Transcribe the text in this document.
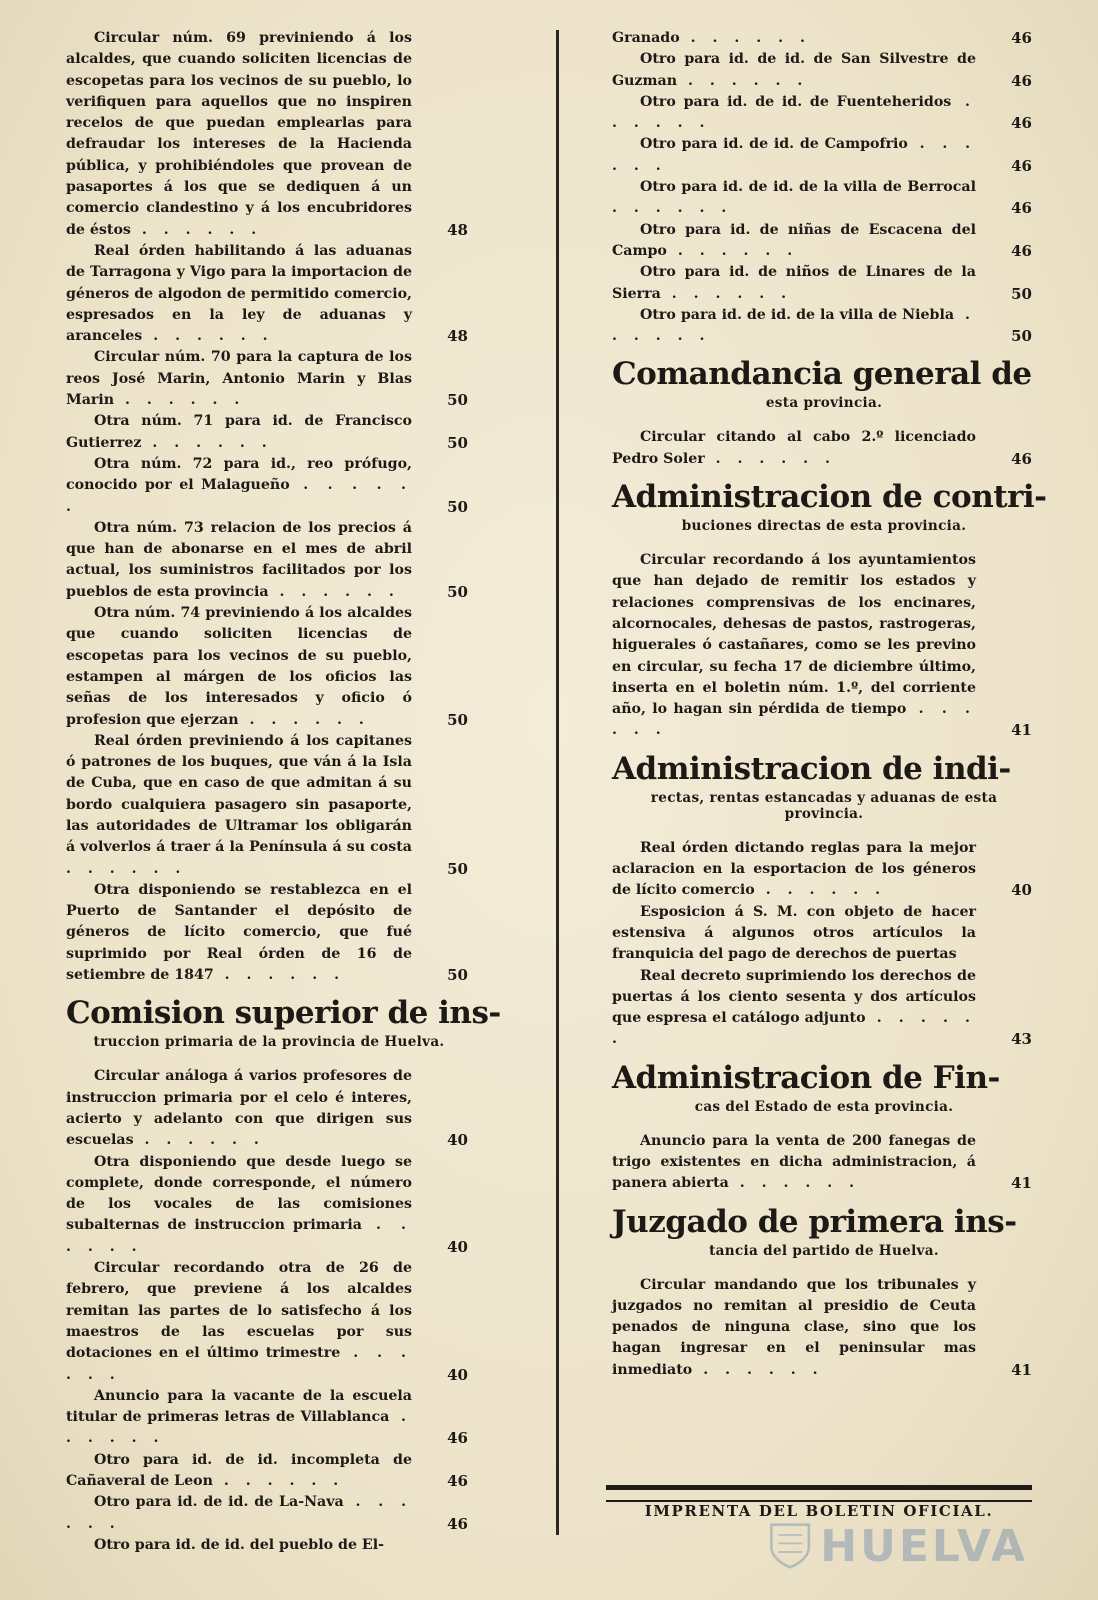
Circular núm. 69 previniendo á los alcaldes, que cuando soliciten licencias de escopetas para los vecinos de su pueblo, lo verifiquen para aquellos que no inspiren recelos de que puedan emplearlas para defraudar los intereses de la Hacienda pública, y prohibiéndoles que provean de pasaportes á los que se dediquen á un comercio clandestino y á los encubridores de éstos . . . . . .	48
Real órden habilitando á las aduanas de Tarragona y Vigo para la importacion de géneros de algodon de permitido comercio, espresados en la ley de aduanas y aranceles . . . . . .	48
Circular núm. 70 para la captura de los reos José Marin, Antonio Marin y Blas Marin . . . . . .	50
Otra núm. 71 para id. de Francisco Gutierrez . . . . . .	50
Otra núm. 72 para id., reo prófugo, conocido por el Malagueño . . . . . .	50
Otra núm. 73 relacion de los precios á que han de abonarse en el mes de abril actual, los suministros facilitados por los pueblos de esta provincia . . . . . .	50
Otra núm. 74 previniendo á los alcaldes que cuando soliciten licencias de escopetas para los vecinos de su pueblo, estampen al márgen de los oficios las señas de los interesados y oficio ó profesion que ejerzan . . . . . .	50
Real órden previniendo á los capitanes ó patrones de los buques, que ván á la Isla de Cuba, que en caso de que admitan á su bordo cualquiera pasagero sin pasaporte, las autoridades de Ultramar los obligarán á volverlos á traer á la Península á su costa . . . . . .	50
Otra disponiendo se restablezca en el Puerto de Santander el depósito de géneros de lícito comercio, que fué suprimido por Real órden de 16 de setiembre de 1847 . . . . . .	50
Comision superior de ins-
truccion primaria de la provincia de Huelva.
Circular análoga á varios profesores de instruccion primaria por el celo é interes, acierto y adelanto con que dirigen sus escuelas . . . . . .	40
Otra disponiendo que desde luego se complete, donde corresponde, el número de los vocales de las comisiones subalternas de instruccion primaria . . . . . .	40
Circular recordando otra de 26 de febrero, que previene á los alcaldes remitan las partes de lo satisfecho á los maestros de las escuelas por sus dotaciones en el último trimestre . . . . . .	40
Anuncio para la vacante de la escuela titular de primeras letras de Villablanca . . . . . .	46
Otro para id. de id. incompleta de Cañaveral de Leon . . . . . .	46
Otro para id. de id. de La-Nava . . . . . .	46
Otro para id. de id. del pueblo de El-
Granado . . . . . .	46
Otro para id. de id. de San Silvestre de Guzman . . . . . .	46
Otro para id. de id. de Fuenteheridos . . . . . .	46
Otro para id. de id. de Campofrio . . . . . .	46
Otro para id. de id. de la villa de Berrocal . . . . . .	46
Otro para id. de niñas de Escacena del Campo . . . . . .	46
Otro para id. de niños de Linares de la Sierra . . . . . .	50
Otro para id. de id. de la villa de Niebla . . . . . .	50
Comandancia general de
esta provincia.
Circular citando al cabo 2.º licenciado Pedro Soler . . . . . .	46
Administracion de contri-
buciones directas de esta provincia.
Circular recordando á los ayuntamientos que han dejado de remitir los estados y relaciones comprensivas de los encinares, alcornocales, dehesas de pastos, rastrogeras, higuerales ó castañares, como se les previno en circular, su fecha 17 de diciembre último, inserta en el boletin núm. 1.º, del corriente año, lo hagan sin pérdida de tiempo . . . . . .	41
Administracion de indi-
rectas, rentas estancadas y aduanas de esta provincia.
Real órden dictando reglas para la mejor aclaracion en la esportacion de los géneros de lícito comercio . . . . . .	40
Esposicion á S. M. con objeto de hacer estensiva á algunos otros artículos la franquicia del pago de derechos de puertas
Real decreto suprimiendo los derechos de puertas á los ciento sesenta y dos artículos que espresa el catálogo adjunto . . . . . .	43
Administracion de Fin-
cas del Estado de esta provincia.
Anuncio para la venta de 200 fanegas de trigo existentes en dicha administracion, á panera abierta . . . . . .	41
Juzgado de primera ins-
tancia del partido de Huelva.
Circular mandando que los tribunales y juzgados no remitan al presidio de Ceuta penados de ninguna clase, sino que los hagan ingresar en el peninsular mas inmediato . . . . . .	41
IMPRENTA DEL BOLETIN OFICIAL.
HUELVA
